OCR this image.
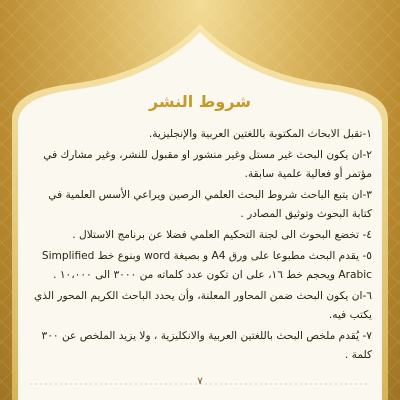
شروط النشر

١-تقبل الابحاث المكتوبة باللغتين العربية والإنجليزية.

٢-ان يكون البحث غير مستل وغير منشور او مقبول للنشر، وغير مشارك في مؤتمر أو فعالية علمية سابقة.

٣-ان يتبع الباحث شروط البحث العلمي الرصين ويراعي الأسس العلمية في كتابة البحوث وتوثيق المصادر .

٤- تخضع البحوث الى لجنة التحكيم العلمي فضلا عن برنامج الاستلال .

٥- يقدم البحث مطبوعا على ورق A4 و بصيغة word وبنوع خط Simplified Arabic ويحجم خط ١٦، على ان تكون عدد كلماته من ٣٠٠٠ الى ١٠،٠٠٠ .

٦-ان يكون البحث ضمن المحاور المعلنة، وأن يحدد الباحث الكريم المحور الذي يكتب فيه.

٧- يُقدم ملخص البحث باللغتين العربية والانكليزية ، ولا يزيد الملخص عن ٣٠٠ كلمة .

٧
